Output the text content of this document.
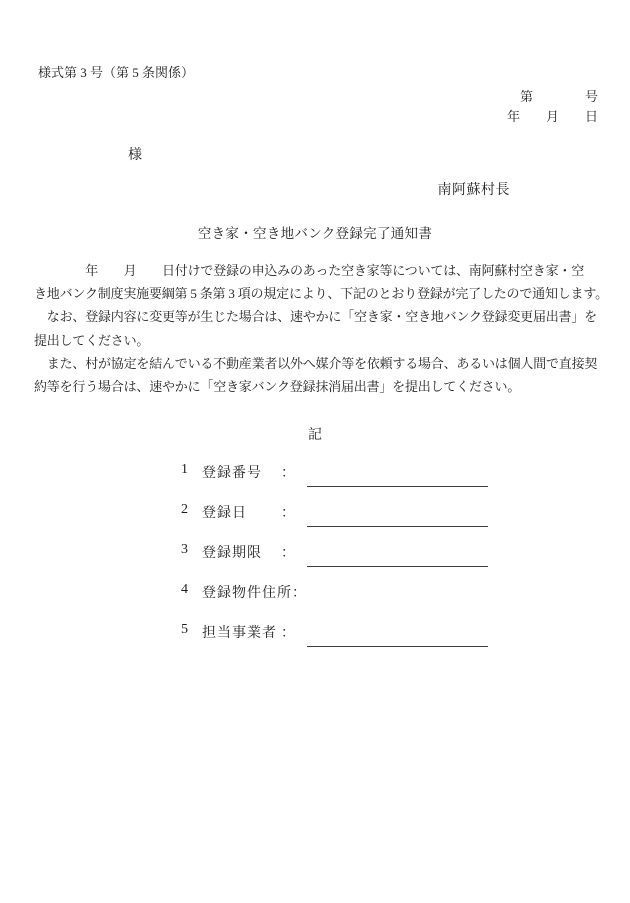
様式第 3 号（第 5 条関係）
第　　　　号
年　　月　　日
様
南阿蘇村長
空き家・空き地バンク登録完了通知書
　　　　年　　月　　日付けで登録の申込みのあった空き家等については、南阿蘇村空き家・空
き地バンク制度実施要綱第 5 条第 3 項の規定により、下記のとおり登録が完了したので通知します。
　なお、登録内容に変更等が生じた場合は、速やかに「空き家・空き地バンク登録変更届出書」を
提出してください。
　また、村が協定を結んでいる不動産業者以外へ媒介等を依頼する場合、あるいは個人間で直接契
約等を行う場合は、速やかに「空き家バンク登録抹消届出書」を提出してください。
記
1 登録番号	：
2 登録日	：
3 登録期限	：
4 登録物件住所 ：
5 担当事業者 ：
